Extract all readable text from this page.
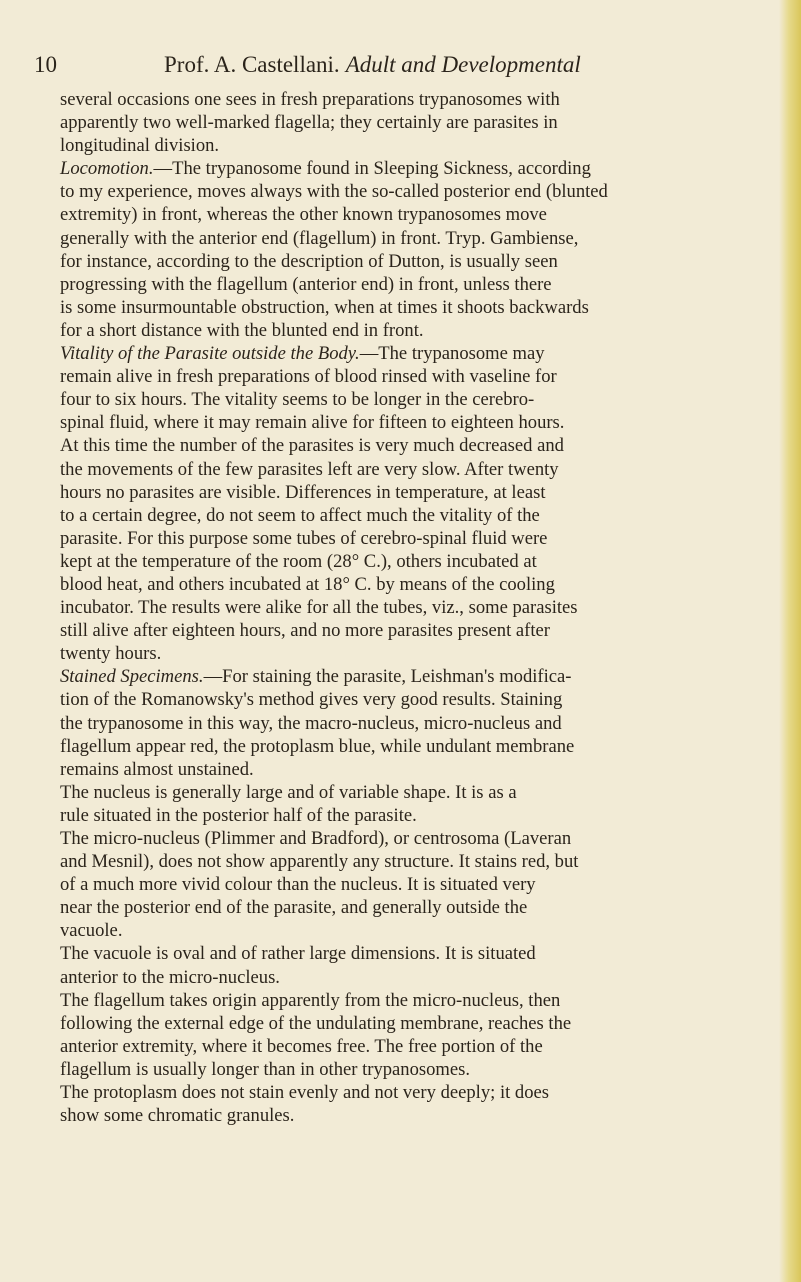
10	Prof. A. Castellani. Adult and Developmental
several occasions one sees in fresh preparations trypanosomes with
apparently two well-marked flagella; they certainly are parasites in
longitudinal division.
Locomotion.—The trypanosome found in Sleeping Sickness, according
to my experience, moves always with the so-called posterior end (blunted
extremity) in front, whereas the other known trypanosomes move
generally with the anterior end (flagellum) in front. Tryp. Gambiense,
for instance, according to the description of Dutton, is usually seen
progressing with the flagellum (anterior end) in front, unless there
is some insurmountable obstruction, when at times it shoots backwards
for a short distance with the blunted end in front.
Vitality of the Parasite outside the Body.—The trypanosome may
remain alive in fresh preparations of blood rinsed with vaseline for
four to six hours. The vitality seems to be longer in the cerebro-
spinal fluid, where it may remain alive for fifteen to eighteen hours.
At this time the number of the parasites is very much decreased and
the movements of the few parasites left are very slow. After twenty
hours no parasites are visible. Differences in temperature, at least
to a certain degree, do not seem to affect much the vitality of the
parasite. For this purpose some tubes of cerebro-spinal fluid were
kept at the temperature of the room (28° C.), others incubated at
blood heat, and others incubated at 18° C. by means of the cooling
incubator. The results were alike for all the tubes, viz., some parasites
still alive after eighteen hours, and no more parasites present after
twenty hours.
Stained Specimens.—For staining the parasite, Leishman's modifica-
tion of the Romanowsky's method gives very good results. Staining
the trypanosome in this way, the macro-nucleus, micro-nucleus and
flagellum appear red, the protoplasm blue, while undulant membrane
remains almost unstained.
The nucleus is generally large and of variable shape. It is as a
rule situated in the posterior half of the parasite.
The micro-nucleus (Plimmer and Bradford), or centrosoma (Laveran
and Mesnil), does not show apparently any structure. It stains red, but
of a much more vivid colour than the nucleus. It is situated very
near the posterior end of the parasite, and generally outside the
vacuole.
The vacuole is oval and of rather large dimensions. It is situated
anterior to the micro-nucleus.
The flagellum takes origin apparently from the micro-nucleus, then
following the external edge of the undulating membrane, reaches the
anterior extremity, where it becomes free. The free portion of the
flagellum is usually longer than in other trypanosomes.
The protoplasm does not stain evenly and not very deeply; it does
show some chromatic granules.
